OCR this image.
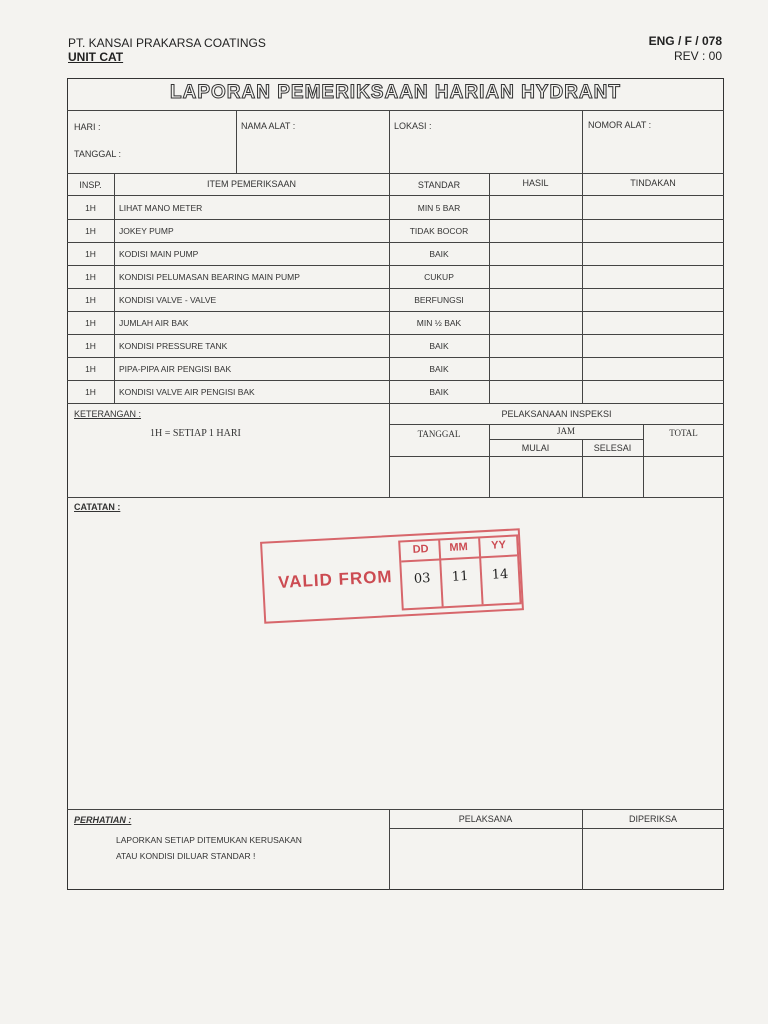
PT. KANSAI PRAKARSA COATINGS
UNIT CAT
ENG / F / 078
REV : 00
LAPORAN PEMERIKSAAN HARIAN HYDRANT
HARI :
TANGGAL :
NAMA ALAT :	LOKASI :	NOMOR ALAT :
INSP.	ITEM PEMERIKSAAN	STANDAR	HASIL	TINDAKAN
1H	LIHAT MANO METER	MIN 5 BAR
1H	JOKEY PUMP	TIDAK BOCOR
1H	KODISI MAIN PUMP	BAIK
1H	KONDISI PELUMASAN BEARING MAIN PUMP	CUKUP
1H	KONDISI VALVE - VALVE	BERFUNGSI
1H	JUMLAH AIR BAK	MIN ½ BAK
1H	KONDISI PRESSURE TANK	BAIK
1H	PIPA-PIPA AIR PENGISI BAK	BAIK
1H	KONDISI VALVE AIR PENGISI BAK	BAIK
KETERANGAN :
1H = SETIAP 1 HARI
PELAKSANAAN INSPEKSI
TANGGAL	JAM	TOTAL
MULAI	SELESAI
CATATAN :
VALID FROM
DD	MM	YY
03	11	14
PERHATIAN :
LAPORKAN SETIAP DITEMUKAN KERUSAKAN
ATAU KONDISI DILUAR STANDAR !
PELAKSANA	DIPERIKSA
